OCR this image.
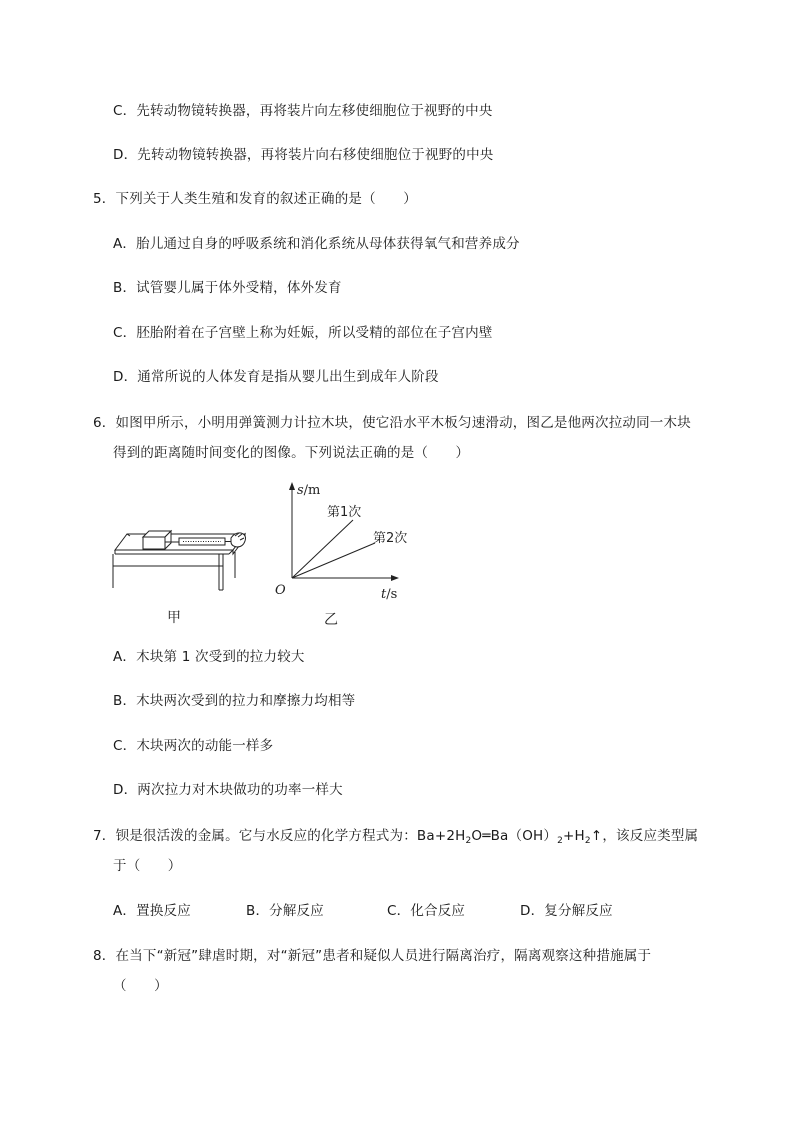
C．先转动物镜转换器，再将装片向左移使细胞位于视野的中央
D．先转动物镜转换器，再将装片向右移使细胞位于视野的中央
5．下列关于人类生殖和发育的叙述正确的是（　　）
A．胎儿通过自身的呼吸系统和消化系统从母体获得氧气和营养成分
B．试管婴儿属于体外受精，体外发育
C．胚胎附着在子宫壁上称为妊娠，所以受精的部位在子宫内壁
D．通常所说的人体发育是指从婴儿出生到成年人阶段
6．如图甲所示，小明用弹簧测力计拉木块，使它沿水平木板匀速滑动，图乙是他两次拉动同一木块
得到的距离随时间变化的图像。下列说法正确的是（　　）
s/m
t/s
O
第1次
第2次
甲	乙
A．木块第 1 次受到的拉力较大
B．木块两次受到的拉力和摩擦力均相等
C．木块两次的动能一样多
D．两次拉力对木块做功的功率一样大
7．钡是很活泼的金属。它与水反应的化学方程式为：$Ba+2H_2O═Ba(OH)_2+H_2↑$，该反应类型属
于（　　）
A．置换反应	B．分解反应	C．化合反应	D．复分解反应
8．在当下“新冠”肆虐时期，对“新冠”患者和疑似人员进行隔离治疗，隔离观察这种措施属于
（　　）
